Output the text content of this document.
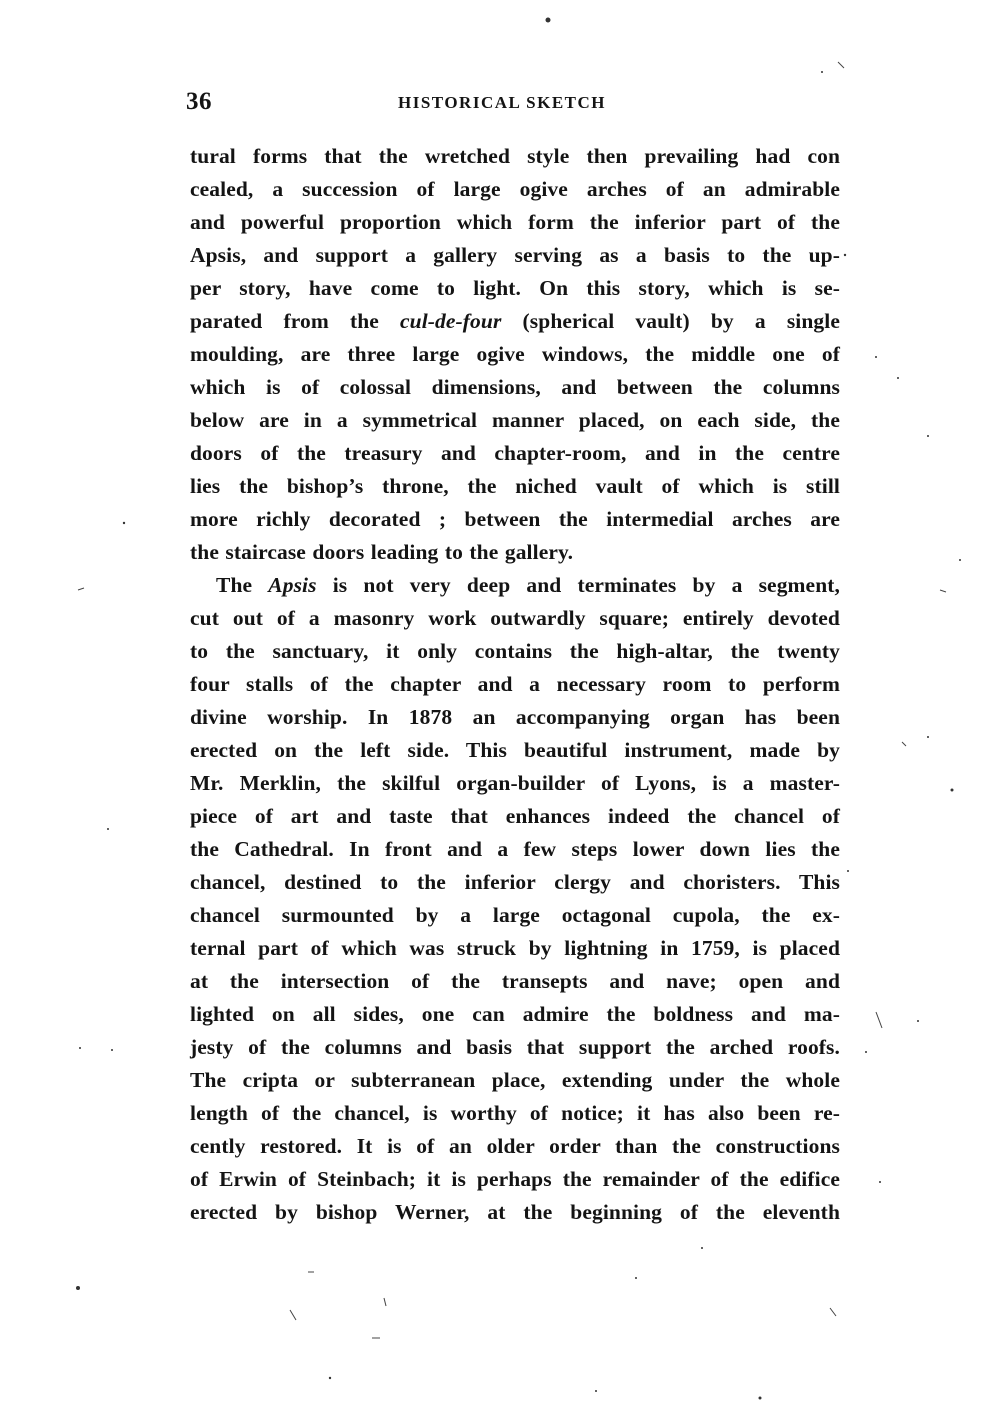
36	HISTORICAL SKETCH
tural forms that the wretched style then prevailing had con
cealed, a succession of large ogive arches of an admirable
and powerful proportion which form the inferior part of the
Apsis, and support a gallery serving as a basis to the up-
per story, have come to light. On this story, which is se-
parated from the cul-de-four (spherical vault) by a single
moulding, are three large ogive windows, the middle one of
which is of colossal dimensions, and between the columns
below are in a symmetrical manner placed, on each side, the
doors of the treasury and chapter-room, and in the centre
lies the bishop’s throne, the niched vault of which is still
more richly decorated ; between the intermedial arches are
the staircase doors leading to the gallery.
The Apsis is not very deep and terminates by a segment,
cut out of a masonry work outwardly square; entirely devoted
to the sanctuary, it only contains the high-altar, the twenty
four stalls of the chapter and a necessary room to perform
divine worship. In 1878 an accompanying organ has been
erected on the left side. This beautiful instrument, made by
Mr. Merklin, the skilful organ-builder of Lyons, is a master-
piece of art and taste that enhances indeed the chancel of
the Cathedral. In front and a few steps lower down lies the
chancel, destined to the inferior clergy and choristers. This
chancel surmounted by a large octagonal cupola, the ex-
ternal part of which was struck by lightning in 1759, is placed
at the intersection of the transepts and nave; open and
lighted on all sides, one can admire the boldness and ma-
jesty of the columns and basis that support the arched roofs.
The cripta or subterranean place, extending under the whole
length of the chancel, is worthy of notice; it has also been re-
cently restored. It is of an older order than the constructions
of Erwin of Steinbach; it is perhaps the remainder of the edifice
erected by bishop Werner, at the beginning of the eleventh
